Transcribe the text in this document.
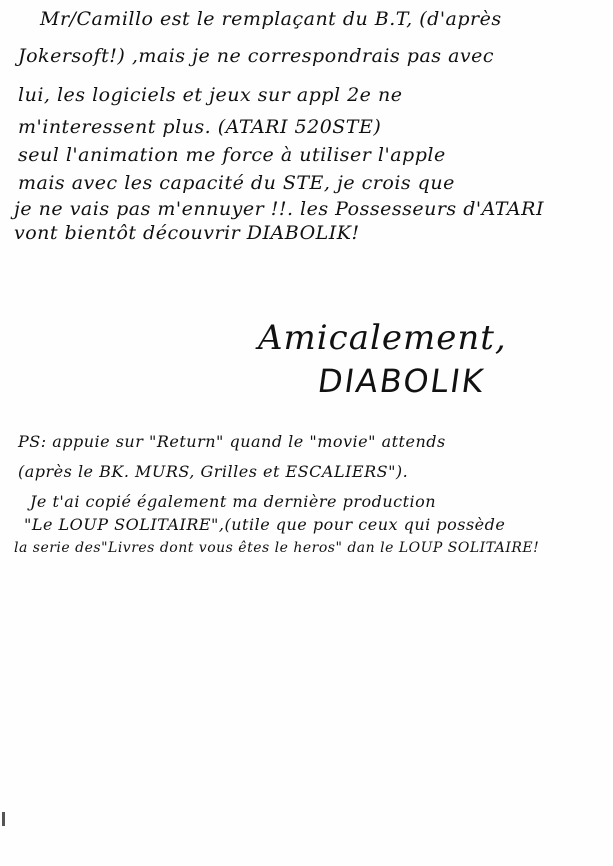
Mr/Camillo est le remplaçant du B.T, (d'après
Jokersoft!) ,mais je ne correspondrais pas avec
lui, les logiciels et jeux sur appl 2e ne
m'interessent plus. (ATARI 520STE)
seul l'animation me force à utiliser l'apple
mais avec les capacité du STE, je crois que
je ne vais pas m'ennuyer !!. les Possesseurs d'ATARI
vont bientôt découvrir DIABOLIK!
Amicalement,
DIABOLIK
PS: appuie sur "Return" quand le "movie" attends
(après le BK. MURS, Grilles et ESCALIERS").
Je t'ai copié également ma dernière production
"Le LOUP SOLITAIRE",(utile que pour ceux qui possède
la serie des"Livres dont vous êtes le heros" dan le LOUP SOLITAIRE!
